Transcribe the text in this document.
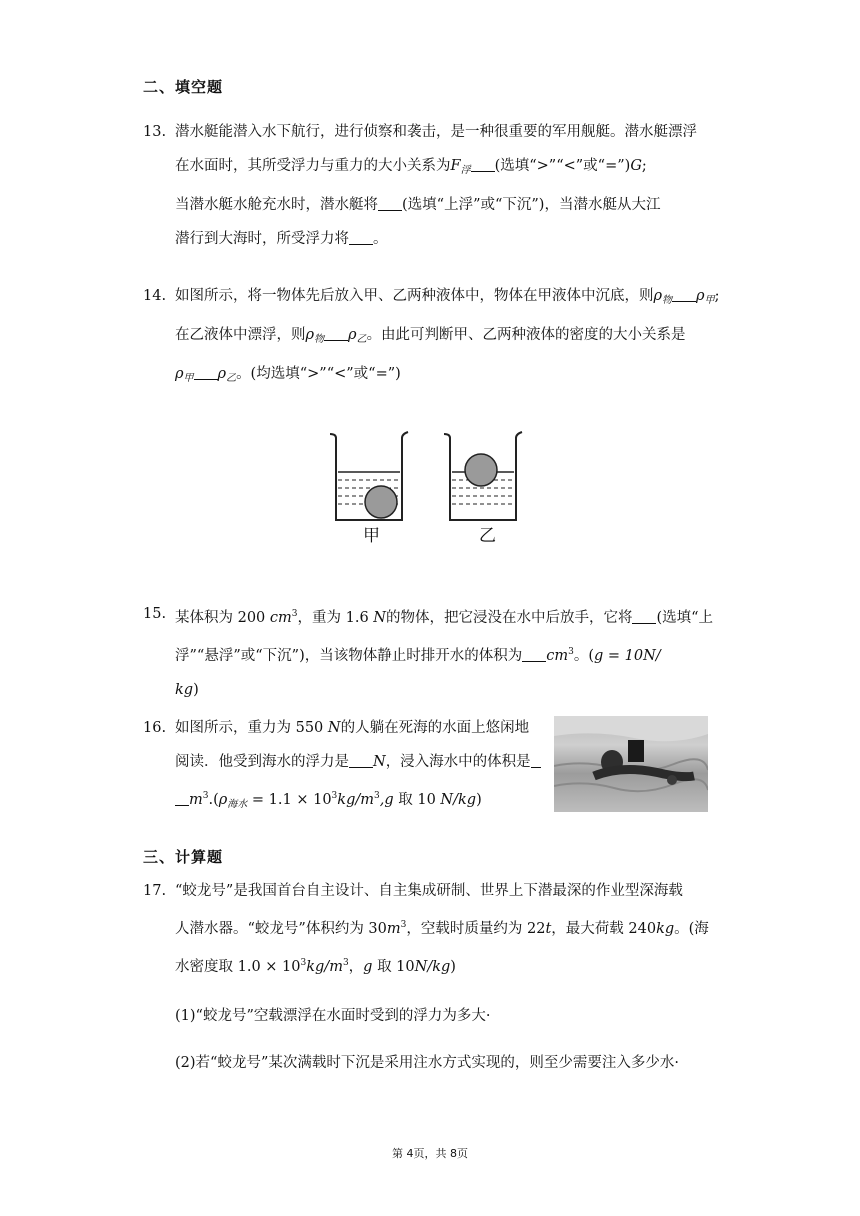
二、填空题
13. 潜水艇能潜入水下航行，进行侦察和袭击，是一种很重要的军用舰艇。潜水艇漂浮
在水面时，其所受浮力与重力的大小关系为$F_浮$ (选填“>”“<”或“=”)G;
当潜水艇水舱充水时，潜水艇将 (选填“上浮”或“下沉”)，当潜水艇从大江
潜行到大海时，所受浮力将 。
14. 如图所示，将一物体先后放入甲、乙两种液体中，物体在甲液体中沉底，则$\rho_物$ $\rho_甲$;
在乙液体中漂浮，则$\rho_物$ $\rho_乙$。由此可判断甲、乙两种液体的密度的大小关系是
$\rho_甲$ $\rho_乙$。(均选填“>”“<”或“=”)
甲	乙
15. 某体积为 200 $cm^3$，重为 1.6 N的物体，把它浸没在水中后放手，它将 (选填“上
浮”“悬浮”或“下沉”)，当该物体静止时排开水的体积为 $cm^3$。(g = 10N/
kg)
16. 如图所示，重力为 550 N的人躺在死海的水面上悠闲地
阅读．他受到海水的浮力是 N，浸入海水中的体积是
$m^3.(\rho_{海水} = 1.1 \times 10^3kg/m^3,g$ 取 10 N/kg)
三、计算题
17. “蛟龙号”是我国首台自主设计、自主集成研制、世界上下潜最深的作业型深海载
人潜水器。“蛟龙号”体积约为 $30m^3$，空载时质量约为 22t，最大荷载 240kg。(海
水密度取 $1.0 \times 10^3kg/m^3$，g 取 10N/kg)
(1)“蛟龙号”空载漂浮在水面时受到的浮力为多大·
(2)若“蛟龙号”某次满载时下沉是采用注水方式实现的，则至少需要注入多少水·
第 4页，共 8页
